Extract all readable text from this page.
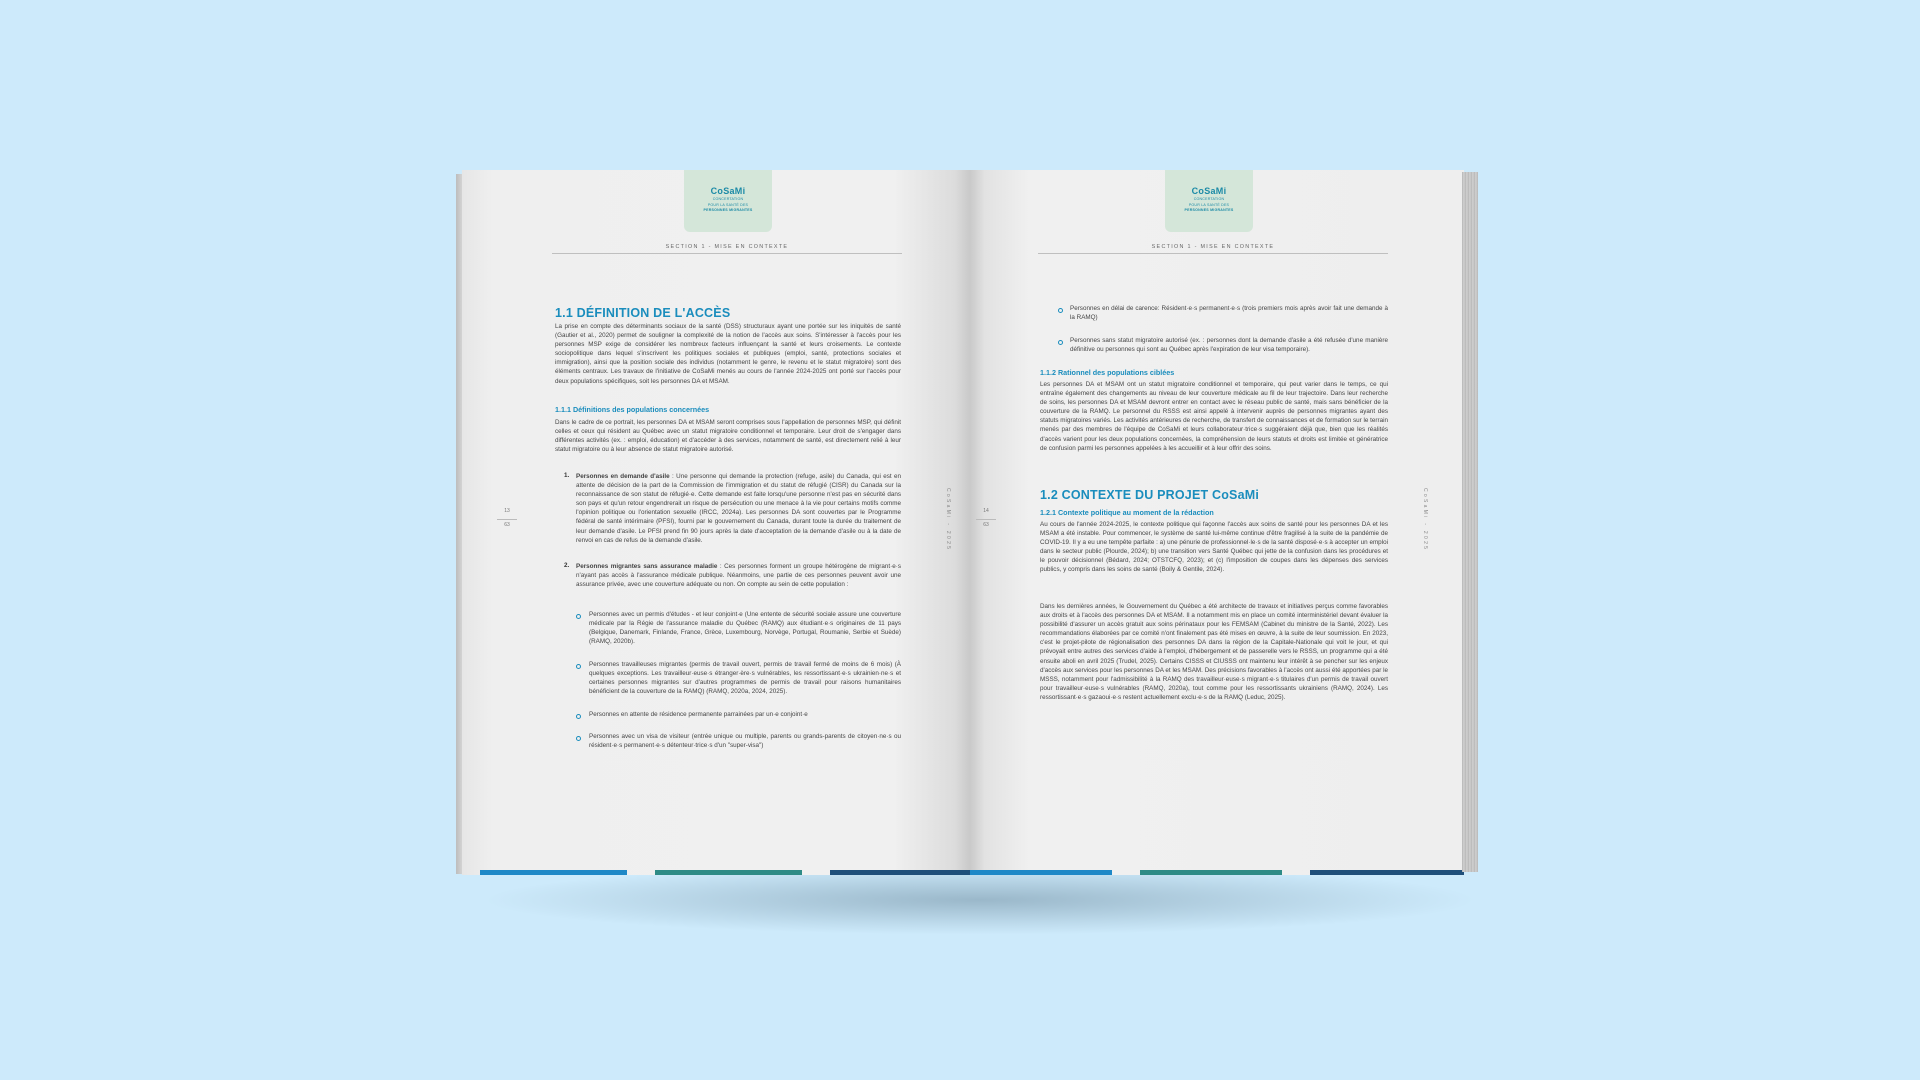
CoSaMi
CONCERTATION
POUR LA SANTÉ DES
PERSONNES MIGRANTES
SECTION 1 - MISE EN CONTEXTE
1.1 DÉFINITION DE L'ACCÈS
La prise en compte des déterminants sociaux de la santé (DSS) structuraux ayant une portée sur les iniquités de santé (Gautier et al., 2020) permet de souligner la complexité de la notion de l'accès aux soins. S'intéresser à l'accès pour les personnes MSP exige de considérer les nombreux facteurs influençant la santé et leurs croisements. Le contexte sociopolitique dans lequel s'inscrivent les politiques sociales et publiques (emploi, santé, protections sociales et immigration), ainsi que la position sociale des individus (notamment le genre, le revenu et le statut migratoire) sont des éléments centraux. Les travaux de l'initiative de CoSaMi menés au cours de l'année 2024-2025 ont porté sur l'accès pour deux populations spécifiques, soit les personnes DA et MSAM.
1.1.1 Définitions des populations concernées
Dans le cadre de ce portrait, les personnes DA et MSAM seront comprises sous l'appellation de personnes MSP, qui définit celles et ceux qui résident au Québec avec un statut migratoire conditionnel et temporaire. Leur droit de s'engager dans différentes activités (ex. : emploi, éducation) et d'accéder à des services, notamment de santé, est directement relié à leur statut migratoire ou à leur absence de statut migratoire autorisé.
1. Personnes en demande d'asile : Une personne qui demande la protection (refuge, asile) du Canada, qui est en attente de décision de la part de la Commission de l'immigration et du statut de réfugié (CISR) du Canada sur la reconnaissance de son statut de réfugié·e. Cette demande est faite lorsqu'une personne n'est pas en sécurité dans son pays et qu'un retour engendrerait un risque de persécution ou une menace à la vie pour certains motifs comme l'opinion politique ou l'orientation sexuelle (IRCC, 2024a). Les personnes DA sont couvertes par le Programme fédéral de santé intérimaire (PFSI), fourni par le gouvernement du Canada, durant toute la durée du traitement de leur demande d'asile. Le PFSI prend fin 90 jours après la date d'acceptation de la demande d'asile ou à la date de renvoi en cas de refus de la demande d'asile.
2. Personnes migrantes sans assurance maladie : Ces personnes forment un groupe hétérogène de migrant·e·s n'ayant pas accès à l'assurance médicale publique. Néanmoins, une partie de ces personnes peuvent avoir une assurance privée, avec une couverture adéquate ou non. On compte au sein de cette population :
Personnes avec un permis d'études - et leur conjoint·e (Une entente de sécurité sociale assure une couverture médicale par la Régie de l'assurance maladie du Québec (RAMQ) aux étudiant·e·s originaires de 11 pays (Belgique, Danemark, Finlande, France, Grèce, Luxembourg, Norvège, Portugal, Roumanie, Serbie et Suède) (RAMQ, 2020b).
Personnes travailleuses migrantes (permis de travail ouvert, permis de travail fermé de moins de 6 mois) (À quelques exceptions. Les travailleur·euse·s étranger·ère·s vulnérables, les ressortissant·e·s ukrainien·ne·s et certaines personnes migrantes sur d'autres programmes de permis de travail pour raisons humanitaires bénéficient de la couverture de la RAMQ) (RAMQ, 2020a, 2024, 2025).
Personnes en attente de résidence permanente parrainées par un·e conjoint·e
Personnes avec un visa de visiteur (entrée unique ou multiple, parents ou grands-parents de citoyen·ne·s ou résident·e·s permanent·e·s détenteur·trice·s d'un "super-visa")
13
63	CoSaMi - 2025
CoSaMi
CONCERTATION
POUR LA SANTÉ DES
PERSONNES MIGRANTES
SECTION 1 - MISE EN CONTEXTE
Personnes en délai de carence: Résident·e·s permanent·e·s (trois premiers mois après avoir fait une demande à la RAMQ)
Personnes sans statut migratoire autorisé (ex. : personnes dont la demande d'asile a été refusée d'une manière définitive ou personnes qui sont au Québec après l'expiration de leur visa temporaire).
1.1.2 Rationnel des populations ciblées
Les personnes DA et MSAM ont un statut migratoire conditionnel et temporaire, qui peut varier dans le temps, ce qui entraîne également des changements au niveau de leur couverture médicale au fil de leur trajectoire. Dans leur recherche de soins, les personnes DA et MSAM devront entrer en contact avec le réseau public de santé, mais sans bénéficier de la couverture de la RAMQ. Le personnel du RSSS est ainsi appelé à intervenir auprès de personnes migrantes ayant des statuts migratoires variés. Les activités antérieures de recherche, de transfert de connaissances et de formation sur le terrain menés par des membres de l'équipe de CoSaMi et leurs collaborateur·trice·s suggéraient déjà que, bien que les réalités d'accès varient pour les deux populations concernées, la compréhension de leurs statuts et droits est limitée et génératrice de confusion parmi les personnes appelées à les accueillir et à leur offrir des soins.
1.2 CONTEXTE DU PROJET CoSaMi
1.2.1 Contexte politique au moment de la rédaction
Au cours de l'année 2024-2025, le contexte politique qui façonne l'accès aux soins de santé pour les personnes DA et les MSAM a été instable. Pour commencer, le système de santé lui-même continue d'être fragilisé à la suite de la pandémie de COVID-19. Il y a eu une tempête parfaite : a) une pénurie de professionnel·le·s de la santé disposé·e·s à accepter un emploi dans le secteur public (Plourde, 2024); b) une transition vers Santé Québec qui jette de la confusion dans les procédures et le pouvoir décisionnel (Bédard, 2024; OTSTCFQ, 2023); et (c) l'imposition de coupes dans les dépenses des services publics, y compris dans les soins de santé (Boily & Gentile, 2024).
Dans les dernières années, le Gouvernement du Québec a été architecte de travaux et initiatives perçus comme favorables aux droits et à l'accès des personnes DA et MSAM. Il a notamment mis en place un comité interministériel devant évaluer la possibilité d'assurer un accès gratuit aux soins périnataux pour les FEMSAM (Cabinet du ministre de la Santé, 2022). Les recommandations élaborées par ce comité n'ont finalement pas été mises en œuvre, à la suite de leur soumission. En 2023, c'est le projet-pilote de régionalisation des personnes DA dans la région de la Capitale-Nationale qui voit le jour, et qui prévoyait entre autres des services d'aide à l'emploi, d'hébergement et de passerelle vers le RSSS, un programme qui a été ensuite aboli en avril 2025 (Trudel, 2025). Certains CISSS et CIUSSS ont maintenu leur intérêt à se pencher sur les enjeux d'accès aux services pour les personnes DA et les MSAM. Des précisions favorables à l'accès ont aussi été apportées par le MSSS, notamment pour l'admissibilité à la RAMQ des travailleur·euse·s migrant·e·s titulaires d'un permis de travail ouvert pour travailleur·euse·s vulnérables (RAMQ, 2020a), tout comme pour les ressortissants ukrainiens (RAMQ, 2024). Les ressortissant·e·s gazaoui·e·s restent actuellement exclu·e·s de la RAMQ (Leduc, 2025).
14
63	CoSaMi - 2025
